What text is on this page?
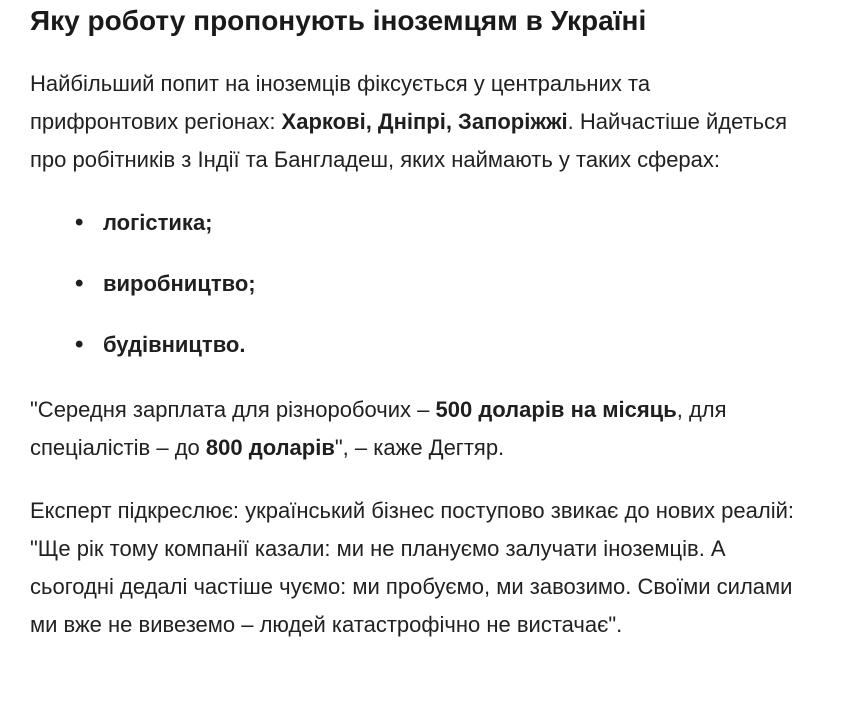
Яку роботу пропонують іноземцям в Україні

Найбільший попит на іноземців фіксується у центральних та прифронтових регіонах: Харкові, Дніпрі, Запоріжжі. Найчастіше йдеться про робітників з Індії та Бангладеш, яких наймають у таких сферах:

• логістика;
• виробництво;
• будівництво.

"Середня зарплата для різноробочих – 500 доларів на місяць, для спеціалістів – до 800 доларів", – каже Дегтяр.

Експерт підкреслює: український бізнес поступово звикає до нових реалій: "Ще рік тому компанії казали: ми не плануємо залучати іноземців. А сьогодні дедалі частіше чуємо: ми пробуємо, ми завозимо. Своїми силами ми вже не вивеземо – людей катастрофічно не вистачає".
